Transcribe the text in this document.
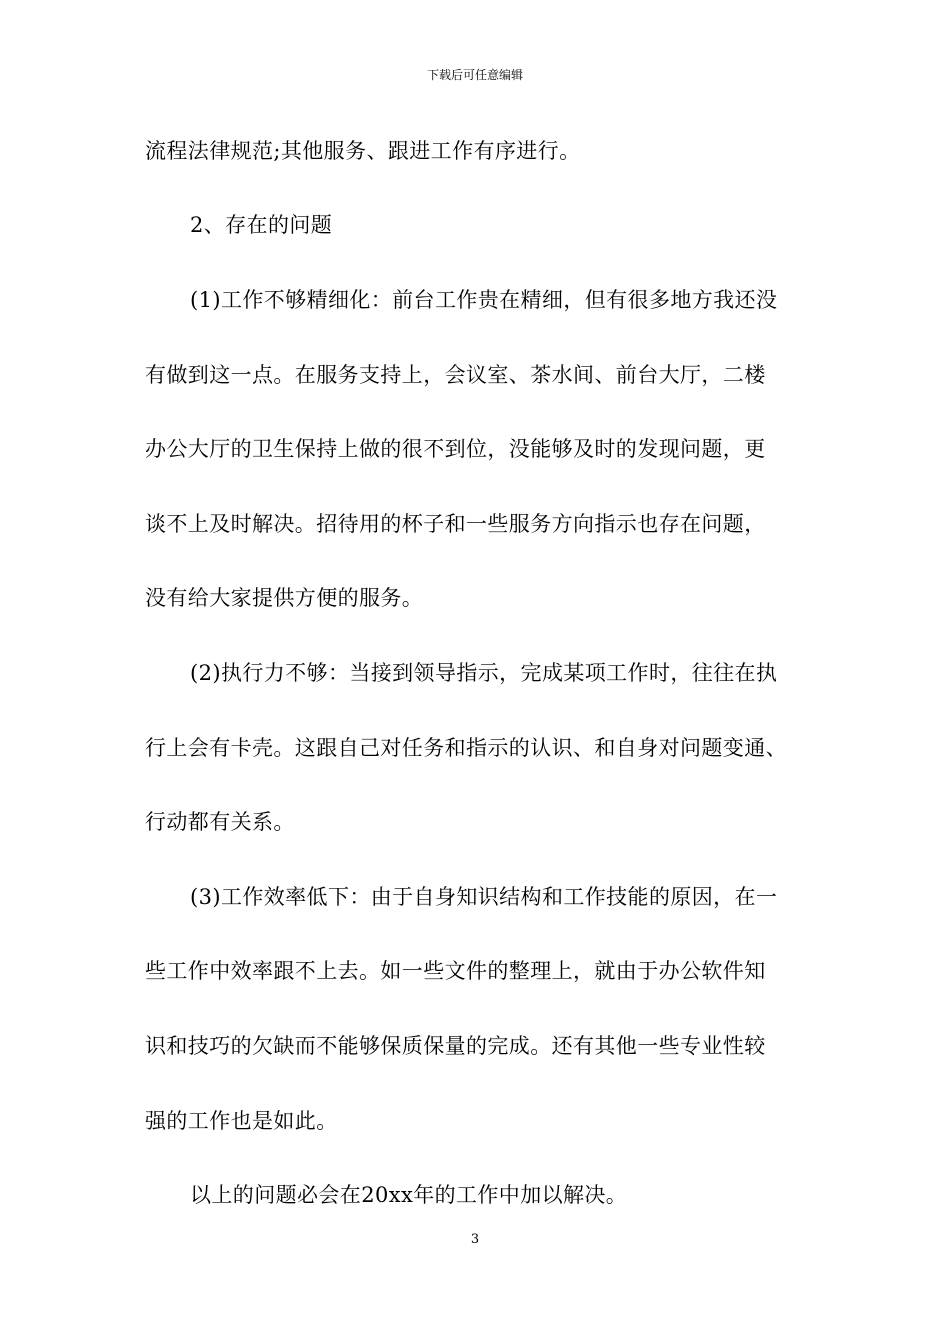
下载后可任意编辑
流程法律规范;其他服务、跟进工作有序进行。
2、存在的问题
(1)工作不够精细化：前台工作贵在精细，但有很多地方我还没
有做到这一点。在服务支持上，会议室、茶水间、前台大厅，二楼
办公大厅的卫生保持上做的很不到位，没能够及时的发现问题，更
谈不上及时解决。招待用的杯子和一些服务方向指示也存在问题，
没有给大家提供方便的服务。
(2)执行力不够：当接到领导指示，完成某项工作时，往往在执
行上会有卡壳。这跟自己对任务和指示的认识、和自身对问题变通、
行动都有关系。
(3)工作效率低下：由于自身知识结构和工作技能的原因，在一
些工作中效率跟不上去。如一些文件的整理上，就由于办公软件知
识和技巧的欠缺而不能够保质保量的完成。还有其他一些专业性较
强的工作也是如此。
以上的问题必会在20xx年的工作中加以解决。
3
